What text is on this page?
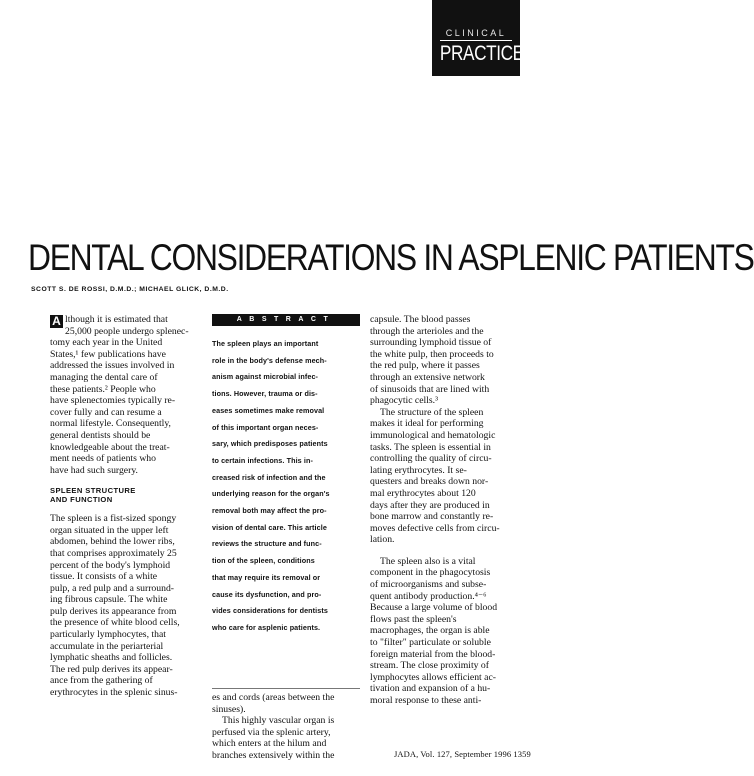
CLINICAL
PRACTICE
DENTAL CONSIDERATIONS IN ASPLENIC PATIENTS
SCOTT S. DE ROSSI, D.M.D.; MICHAEL GLICK, D.M.D.
A lthough it is estimated that
25,000 people undergo splenec-
tomy each year in the United
States,¹ few publications have
addressed the issues involved in
managing the dental care of
these patients.² People who
have splenectomies typically re-
cover fully and can resume a
normal lifestyle. Consequently,
general dentists should be
knowledgeable about the treat-
ment needs of patients who
have had such surgery.
SPLEEN STRUCTURE
AND FUNCTION
The spleen is a fist-sized spongy
organ situated in the upper left
abdomen, behind the lower ribs,
that comprises approximately 25
percent of the body's lymphoid
tissue. It consists of a white
pulp, a red pulp and a surround-
ing fibrous capsule. The white
pulp derives its appearance from
the presence of white blood cells,
particularly lymphocytes, that
accumulate in the periarterial
lymphatic sheaths and follicles.
The red pulp derives its appear-
ance from the gathering of
erythrocytes in the splenic sinus-
ABSTRACT
The spleen plays an important
role in the body's defense mech-
anism against microbial infec-
tions. However, trauma or dis-
eases sometimes make removal
of this important organ neces-
sary, which predisposes patients
to certain infections. This in-
creased risk of infection and the
underlying reason for the organ's
removal both may affect the pro-
vision of dental care. This article
reviews the structure and func-
tion of the spleen, conditions
that may require its removal or
cause its dysfunction, and pro-
vides considerations for dentists
who care for asplenic patients.
es and cords (areas between the
sinuses).
This highly vascular organ is
perfused via the splenic artery,
which enters at the hilum and
branches extensively within the
capsule. The blood passes
through the arterioles and the
surrounding lymphoid tissue of
the white pulp, then proceeds to
the red pulp, where it passes
through an extensive network
of sinusoids that are lined with
phagocytic cells.³
The structure of the spleen
makes it ideal for performing
immunological and hematologic
tasks. The spleen is essential in
controlling the quality of circu-
lating erythrocytes. It se-
questers and breaks down nor-
mal erythrocytes about 120
days after they are produced in
bone marrow and constantly re-
moves defective cells from circu-
lation.
The spleen also is a vital
component in the phagocytosis
of microorganisms and subse-
quent antibody production.⁴⁻⁶
Because a large volume of blood
flows past the spleen's
macrophages, the organ is able
to "filter" particulate or soluble
foreign material from the blood-
stream. The close proximity of
lymphocytes allows efficient ac-
tivation and expansion of a hu-
moral response to these anti-
JADA, Vol. 127, September 1996 1359
